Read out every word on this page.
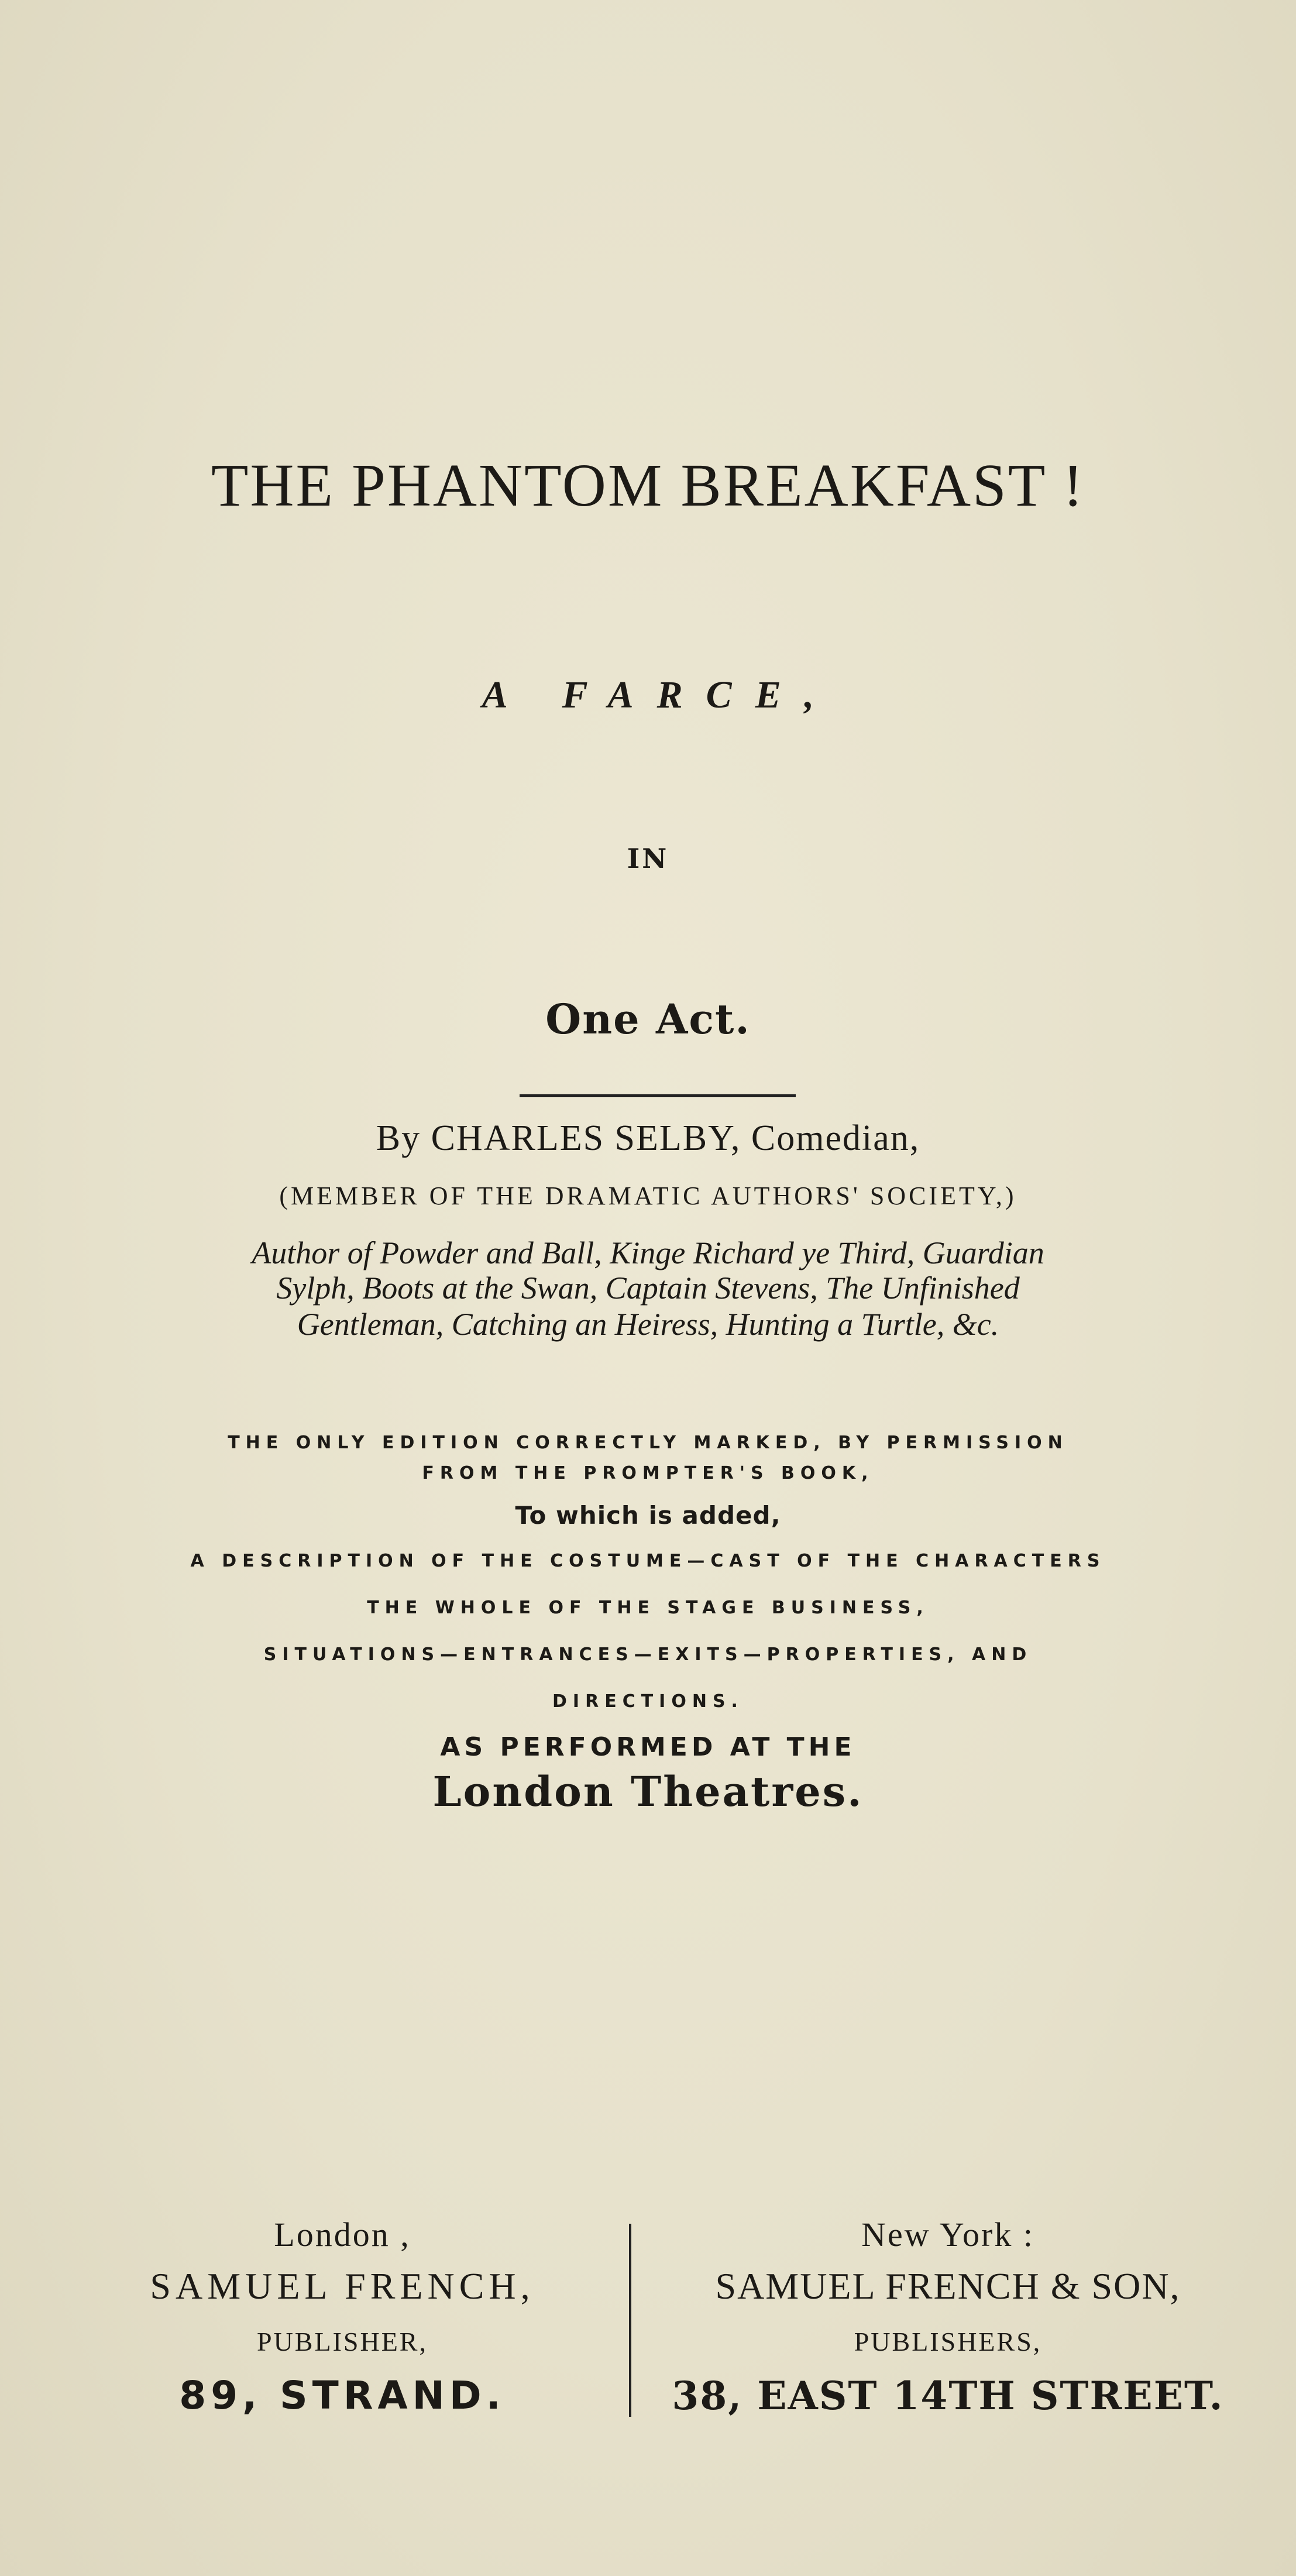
THE PHANTOM BREAKFAST !
A FARCE,
IN
One Act.
By CHARLES SELBY, Comedian,
(MEMBER OF THE DRAMATIC AUTHORS' SOCIETY,)
Author of Powder and Ball, Kinge Richard ye Third, Guardian
Sylph, Boots at the Swan, Captain Stevens, The Unfinished
Gentleman, Catching an Heiress, Hunting a Turtle, &c.
THE ONLY EDITION CORRECTLY MARKED, BY PERMISSION
FROM THE PROMPTER'S BOOK,
To which is added,
A DESCRIPTION OF THE COSTUME—CAST OF THE CHARACTERS
THE WHOLE OF THE STAGE BUSINESS,
SITUATIONS—ENTRANCES—EXITS—PROPERTIES, AND
DIRECTIONS.
AS PERFORMED AT THE
London Theatres.
London ,
SAMUEL FRENCH,
PUBLISHER,
89, STRAND.
New York :
SAMUEL FRENCH & SON,
PUBLISHERS,
38, EAST 14TH STREET.
